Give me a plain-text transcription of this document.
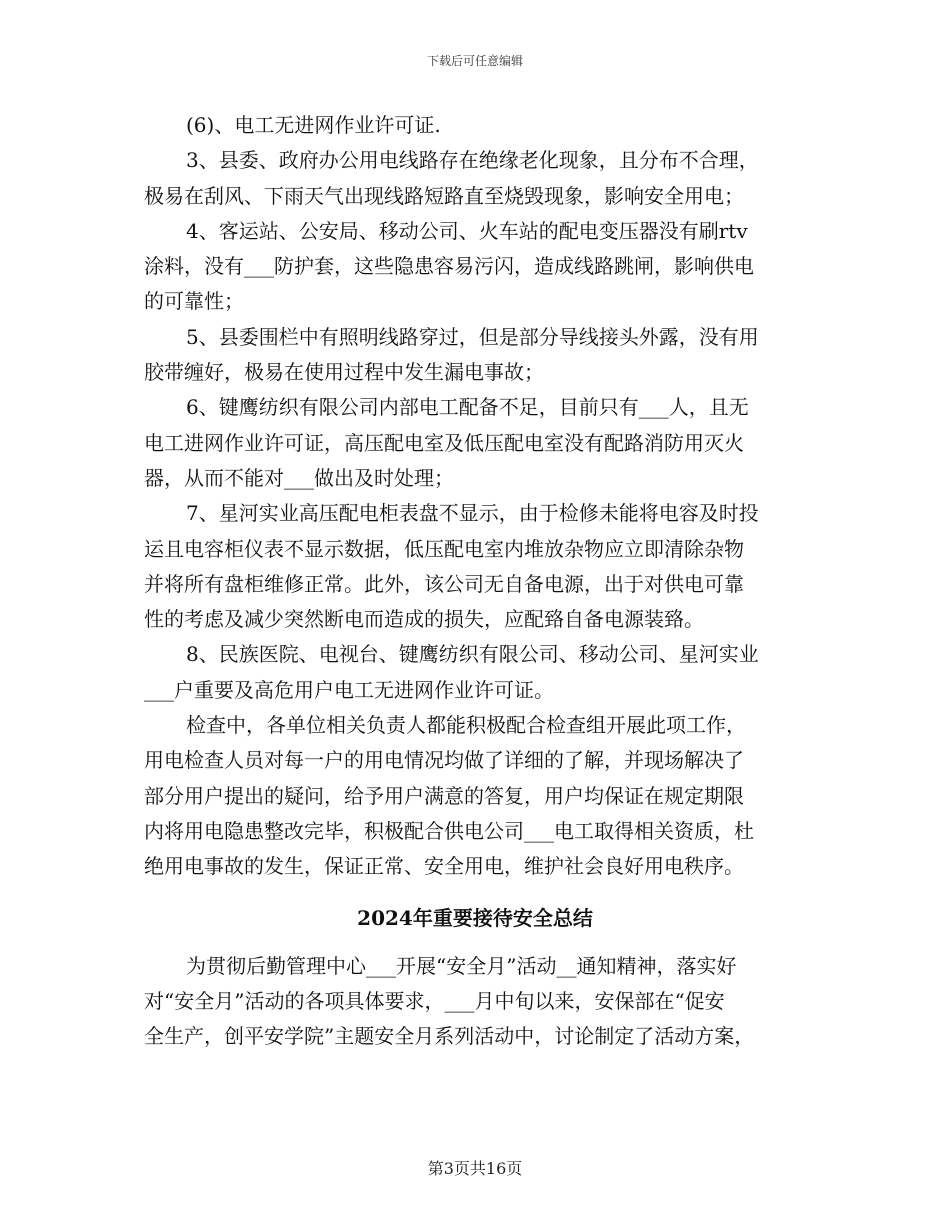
下载后可任意编辑
(6)、电工无进网作业许可证.
3、县委、政府办公用电线路存在绝缘老化现象，且分布不合理，
极易在刮风、下雨天气出现线路短路直至烧毁现象，影响安全用电；
4、客运站、公安局、移动公司、火车站的配电变压器没有刷rtv
涂料，没有___防护套，这些隐患容易污闪，造成线路跳闸，影响供电
的可靠性；
5、县委围栏中有照明线路穿过，但是部分导线接头外露，没有用
胶带缠好，极易在使用过程中发生漏电事故；
6、键鹰纺织有限公司内部电工配备不足，目前只有___人，且无
电工进网作业许可证，高压配电室及低压配电室没有配路消防用灭火
器，从而不能对___做出及时处理；
7、星河实业高压配电柜表盘不显示，由于检修未能将电容及时投
运且电容柜仪表不显示数据，低压配电室内堆放杂物应立即清除杂物
并将所有盘柜维修正常。此外，该公司无自备电源，出于对供电可靠
性的考虑及减少突然断电而造成的损失，应配臵自备电源装臵。
8、民族医院、电视台、键鹰纺织有限公司、移动公司、星河实业
___户重要及高危用户电工无进网作业许可证。
检查中，各单位相关负责人都能积极配合检查组开展此项工作，
用电检查人员对每一户的用电情况均做了详细的了解，并现场解决了
部分用户提出的疑问，给予用户满意的答复，用户均保证在规定期限
内将用电隐患整改完毕，积极配合供电公司___电工取得相关资质，杜
绝用电事故的发生，保证正常、安全用电，维护社会良好用电秩序。
2024年重要接待安全总结
为贯彻后勤管理中心___开展“安全月”活动__通知精神，落实好
对“安全月”活动的各项具体要求，___月中旬以来，安保部在“促安
全生产，创平安学院”主题安全月系列活动中，讨论制定了活动方案，
第3页共16页
